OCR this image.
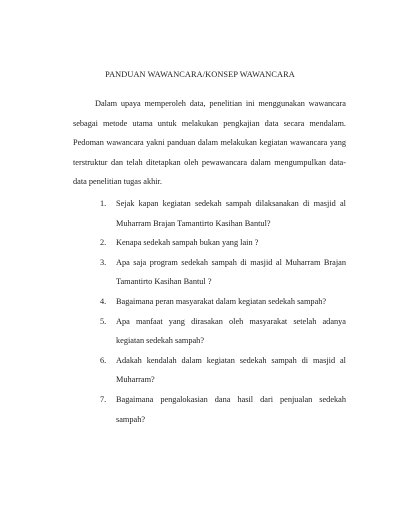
PANDUAN WAWANCARA/KONSEP WAWANCARA

Dalam upaya memperoleh data, penelitian ini menggunakan wawancara sebagai metode utama untuk melakukan pengkajian data secara mendalam. Pedoman wawancara yakni panduan dalam melakukan kegiatan wawancara yang terstruktur dan telah ditetapkan oleh pewawancara dalam mengumpulkan data-data penelitian tugas akhir.

1. Sejak kapan kegiatan sedekah sampah dilaksanakan di masjid al Muharram Brajan Tamantirto Kasihan Bantul?
2. Kenapa sedekah sampah bukan yang lain ?
3. Apa saja program sedekah sampah di masjid al Muharram Brajan Tamantirto Kasihan Bantul ?
4. Bagaimana peran masyarakat dalam kegiatan sedekah sampah?
5. Apa manfaat yang dirasakan oleh masyarakat setelah adanya kegiatan sedekah sampah?
6. Adakah kendalah dalam kegiatan sedekah sampah di masjid al Muharram?
7. Bagaimana pengalokasian dana hasil dari penjualan sedekah sampah?
